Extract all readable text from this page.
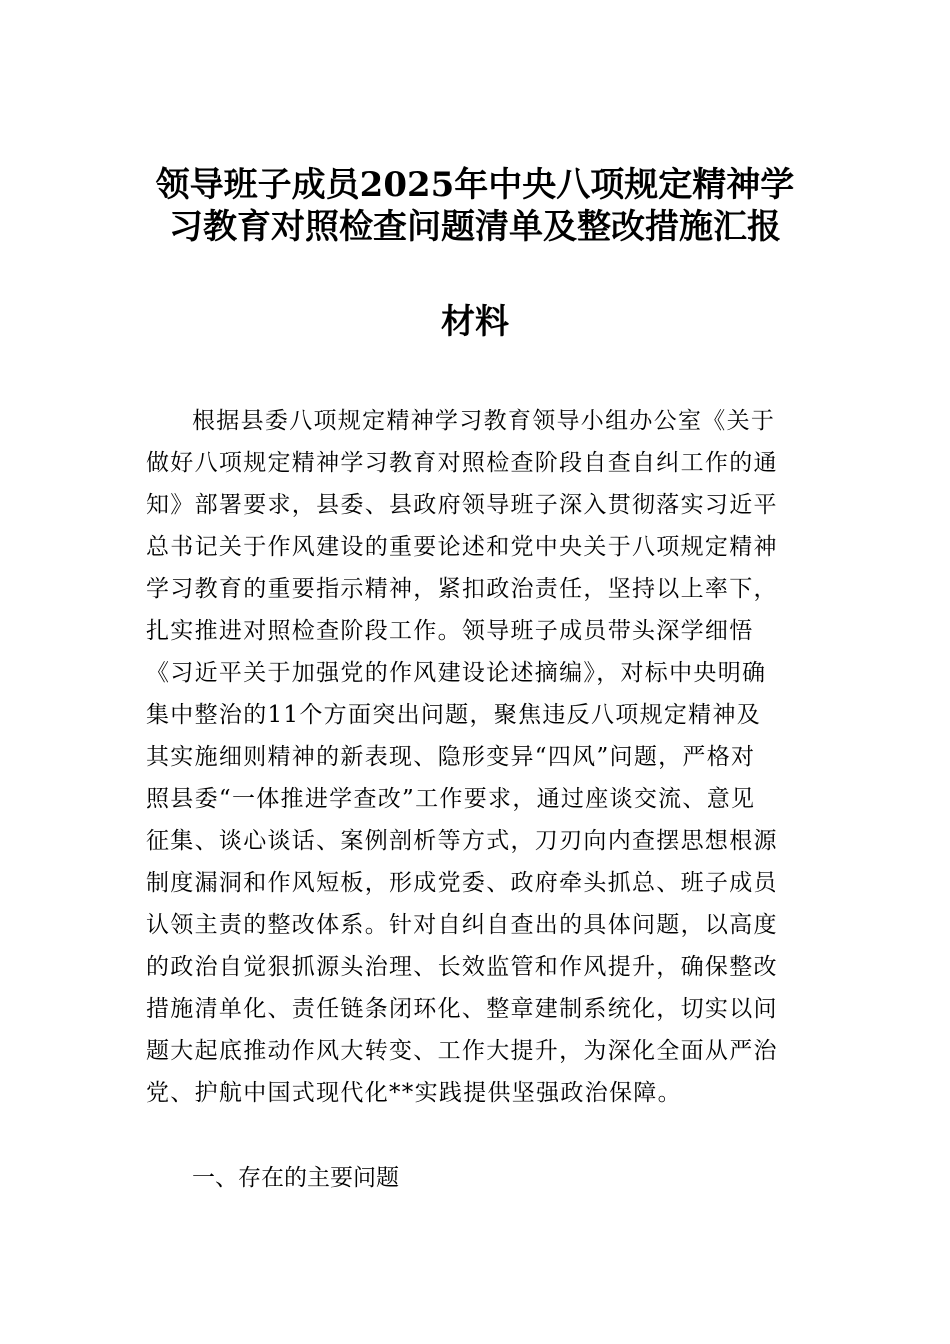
领导班子成员2025年中央八项规定精神学
习教育对照检查问题清单及整改措施汇报
材料
根据县委八项规定精神学习教育领导小组办公室《关于
做好八项规定精神学习教育对照检查阶段自查自纠工作的通
知》部署要求，县委、县政府领导班子深入贯彻落实习近平
总书记关于作风建设的重要论述和党中央关于八项规定精神
学习教育的重要指示精神，紧扣政治责任，坚持以上率下，
扎实推进对照检查阶段工作。领导班子成员带头深学细悟
《习近平关于加强党的作风建设论述摘编》，对标中央明确
集中整治的11个方面突出问题，聚焦违反八项规定精神及
其实施细则精神的新表现、隐形变异“四风”问题，严格对
照县委“一体推进学查改”工作要求，通过座谈交流、意见
征集、谈心谈话、案例剖析等方式，刀刃向内查摆思想根源
制度漏洞和作风短板，形成党委、政府牵头抓总、班子成员
认领主责的整改体系。针对自纠自查出的具体问题，以高度
的政治自觉狠抓源头治理、长效监管和作风提升，确保整改
措施清单化、责任链条闭环化、整章建制系统化，切实以问
题大起底推动作风大转变、工作大提升，为深化全面从严治
党、护航中国式现代化**实践提供坚强政治保障。
一、存在的主要问题
